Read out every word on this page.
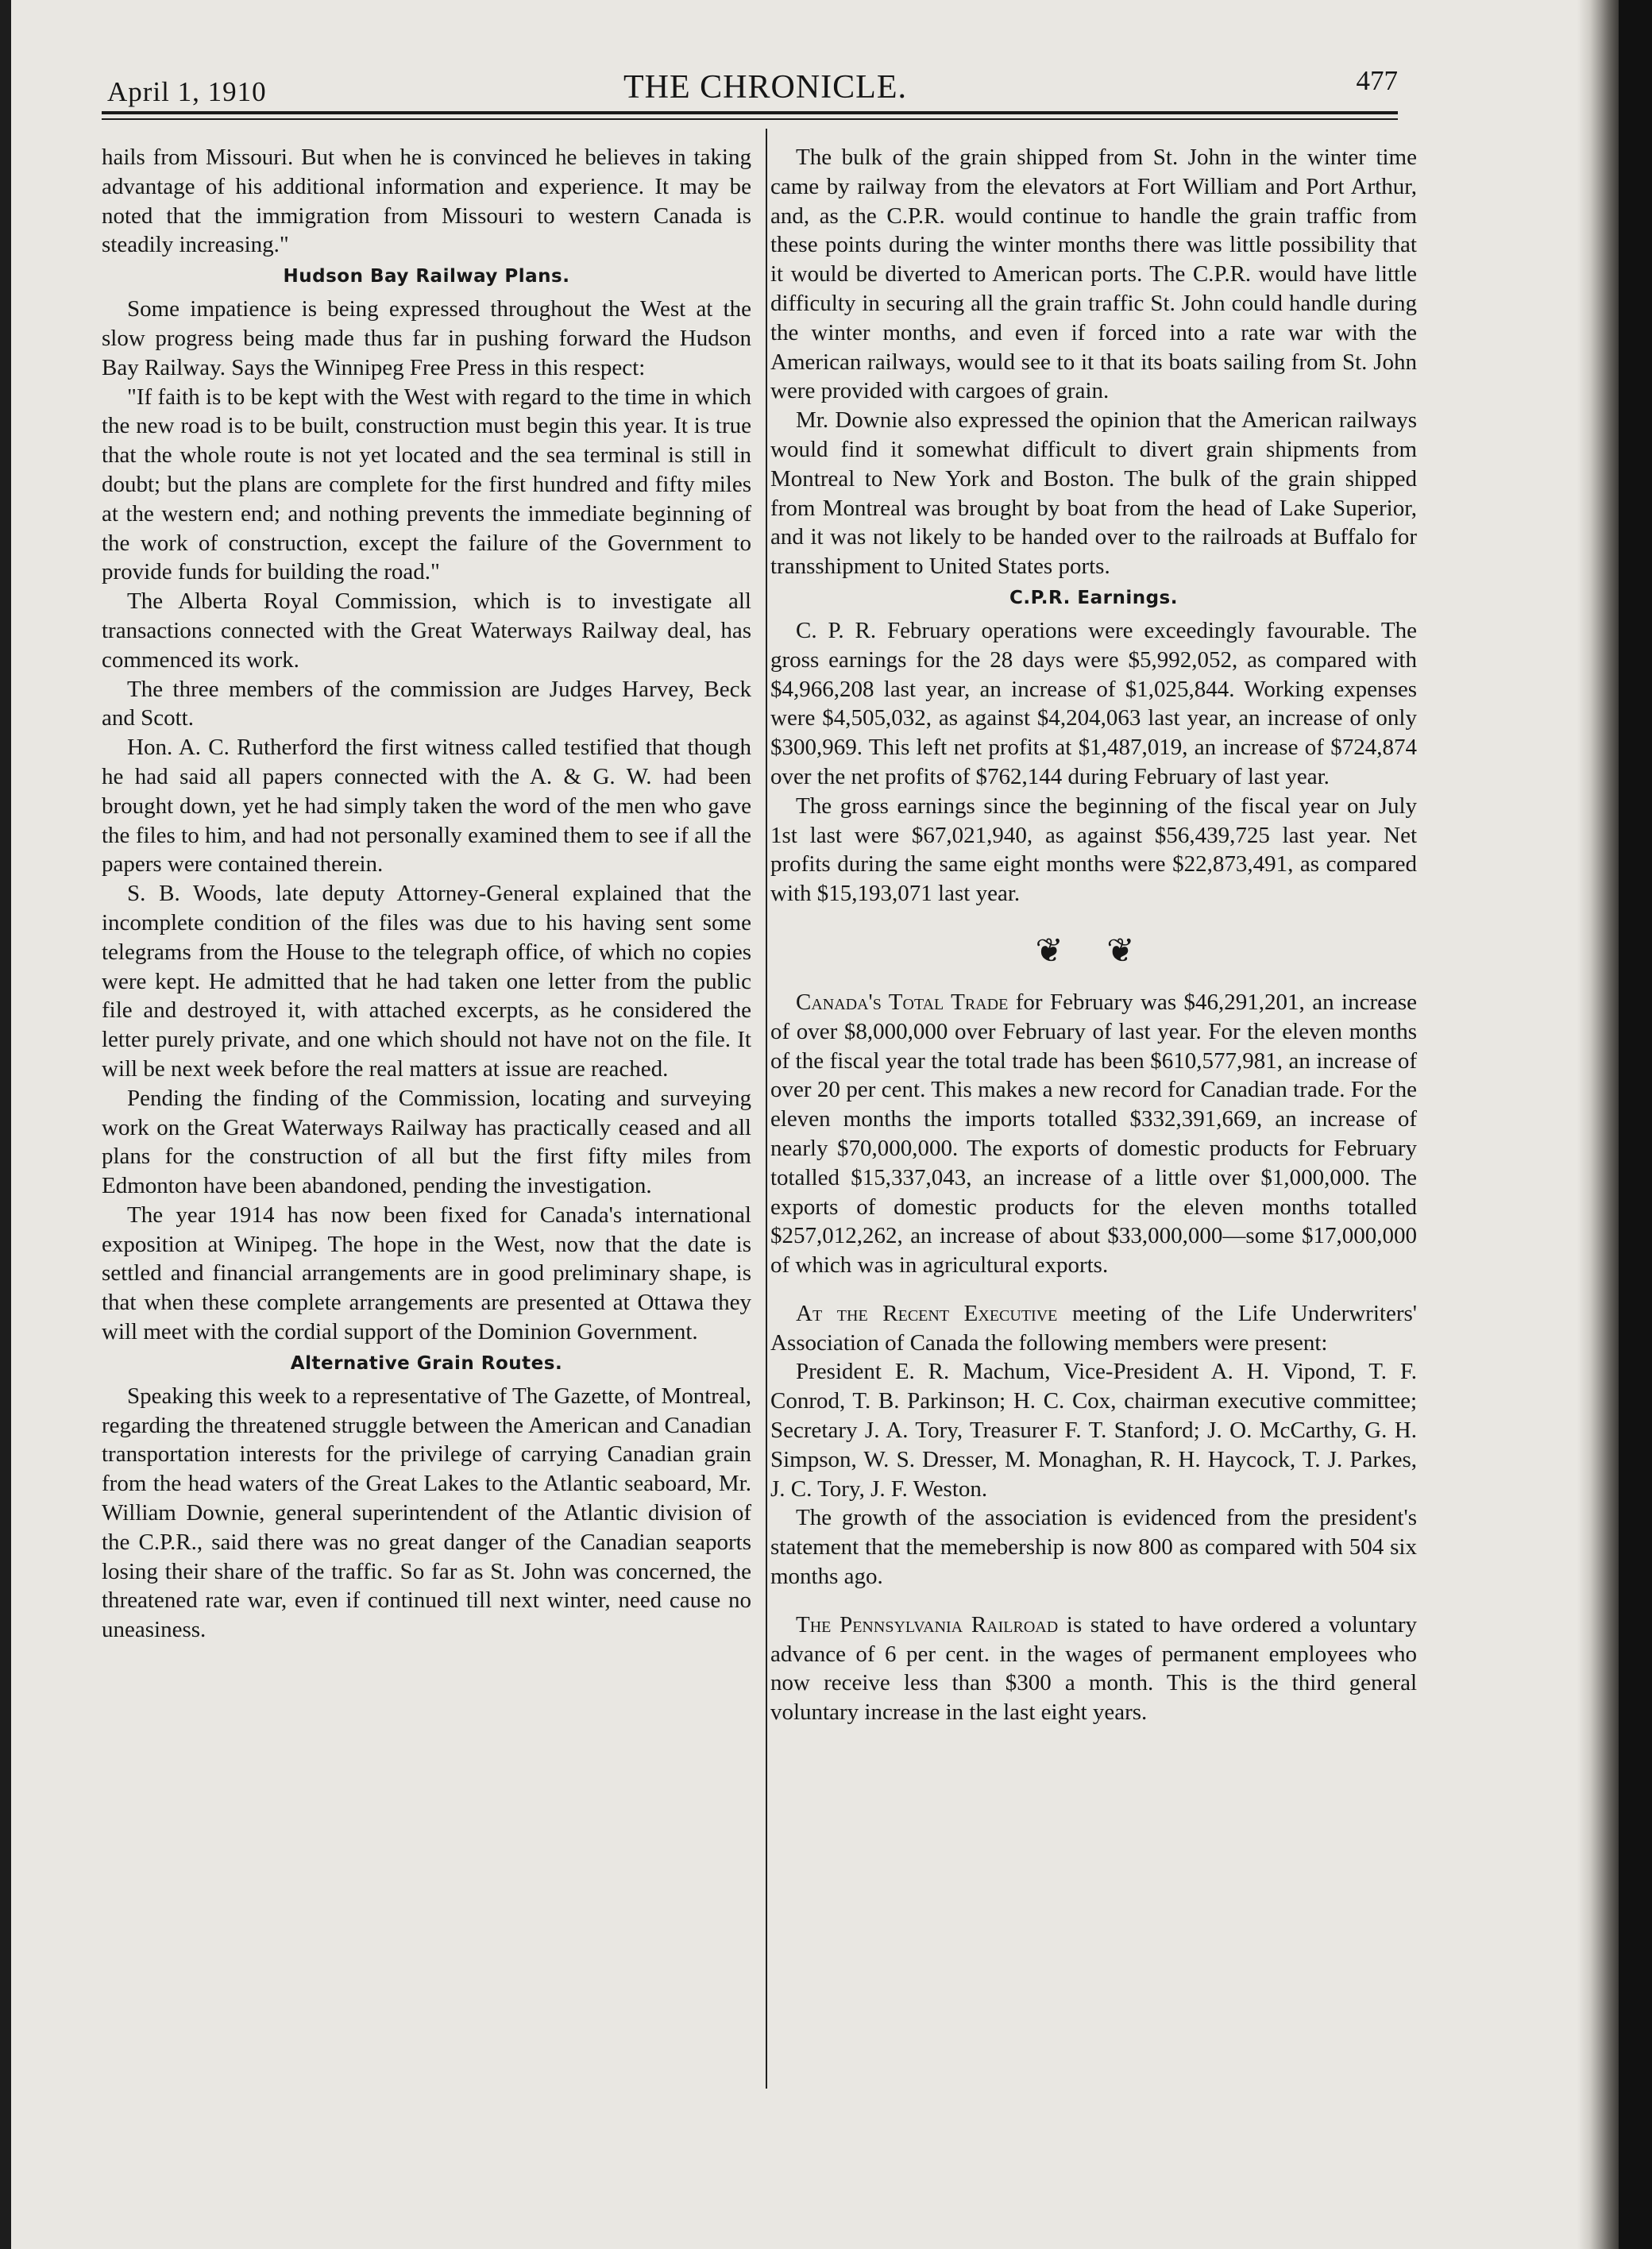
April 1, 1910	THE CHRONICLE.	477

hails from Missouri. But when he is convinced he believes in taking advantage of his additional information and experience. It may be noted that the immigration from Missouri to western Canada is steadily increasing."

Hudson Bay Railway Plans.

Some impatience is being expressed throughout the West at the slow progress being made thus far in pushing forward the Hudson Bay Railway. Says the Winnipeg Free Press in this respect:

"If faith is to be kept with the West with regard to the time in which the new road is to be built, construction must begin this year. It is true that the whole route is not yet located and the sea terminal is still in doubt; but the plans are complete for the first hundred and fifty miles at the western end; and nothing prevents the immediate beginning of the work of construction, except the failure of the Government to provide funds for building the road."

The Alberta Royal Commission, which is to investigate all transactions connected with the Great Waterways Railway deal, has commenced its work.

The three members of the commission are Judges Harvey, Beck and Scott.

Hon. A. C. Rutherford the first witness called testified that though he had said all papers connected with the A. & G. W. had been brought down, yet he had simply taken the word of the men who gave the files to him, and had not personally examined them to see if all the papers were contained therein.

S. B. Woods, late deputy Attorney-General explained that the incomplete condition of the files was due to his having sent some telegrams from the House to the telegraph office, of which no copies were kept. He admitted that he had taken one letter from the public file and destroyed it, with attached excerpts, as he considered the letter purely private, and one which should not have not on the file. It will be next week before the real matters at issue are reached.

Pending the finding of the Commission, locating and surveying work on the Great Waterways Railway has practically ceased and all plans for the construction of all but the first fifty miles from Edmonton have been abandoned, pending the investigation.

The year 1914 has now been fixed for Canada's international exposition at Winipeg. The hope in the West, now that the date is settled and financial arrangements are in good preliminary shape, is that when these complete arrangements are presented at Ottawa they will meet with the cordial support of the Dominion Government.

Alternative Grain Routes.

Speaking this week to a representative of The Gazette, of Montreal, regarding the threatened struggle between the American and Canadian transportation interests for the privilege of carrying Canadian grain from the head waters of the Great Lakes to the Atlantic seaboard, Mr. William Downie, general superintendent of the Atlantic division of the C.P.R., said there was no great danger of the Canadian seaports losing their share of the traffic. So far as St. John was concerned, the threatened rate war, even if continued till next winter, need cause no uneasiness.

The bulk of the grain shipped from St. John in the winter time came by railway from the elevators at Fort William and Port Arthur, and, as the C.P.R. would continue to handle the grain traffic from these points during the winter months there was little possibility that it would be diverted to American ports. The C.P.R. would have little difficulty in securing all the grain traffic St. John could handle during the winter months, and even if forced into a rate war with the American railways, would see to it that its boats sailing from St. John were provided with cargoes of grain.

Mr. Downie also expressed the opinion that the American railways would find it somewhat difficult to divert grain shipments from Montreal to New York and Boston. The bulk of the grain shipped from Montreal was brought by boat from the head of Lake Superior, and it was not likely to be handed over to the railroads at Buffalo for transshipment to United States ports.

C.P.R. Earnings.

C. P. R. February operations were exceedingly favourable. The gross earnings for the 28 days were $5,992,052, as compared with $4,966,208 last year, an increase of $1,025,844. Working expenses were $4,505,032, as against $4,204,063 last year, an increase of only $300,969. This left net profits at $1,487,019, an increase of $724,874 over the net profits of $762,144 during February of last year.

The gross earnings since the beginning of the fiscal year on July 1st last were $67,021,940, as against $56,439,725 last year. Net profits during the same eight months were $22,873,491, as compared with $15,193,071 last year.

❦ ❦

Canada's Total Trade for February was $46,291,201, an increase of over $8,000,000 over February of last year. For the eleven months of the fiscal year the total trade has been $610,577,981, an increase of over 20 per cent. This makes a new record for Canadian trade. For the eleven months the imports totalled $332,391,669, an increase of nearly $70,000,000. The exports of domestic products for February totalled $15,337,043, an increase of a little over $1,000,000. The exports of domestic products for the eleven months totalled $257,012,262, an increase of about $33,000,000—some $17,000,000 of which was in agricultural exports.

At the Recent Executive meeting of the Life Underwriters' Association of Canada the following members were present:

President E. R. Machum, Vice-President A. H. Vipond, T. F. Conrod, T. B. Parkinson; H. C. Cox, chairman executive committee; Secretary J. A. Tory, Treasurer F. T. Stanford; J. O. McCarthy, G. H. Simpson, W. S. Dresser, M. Monaghan, R. H. Haycock, T. J. Parkes, J. C. Tory, J. F. Weston.

The growth of the association is evidenced from the president's statement that the memebership is now 800 as compared with 504 six months ago.

The Pennsylvania Railroad is stated to have ordered a voluntary advance of 6 per cent. in the wages of permanent employees who now receive less than $300 a month. This is the third general voluntary increase in the last eight years.
